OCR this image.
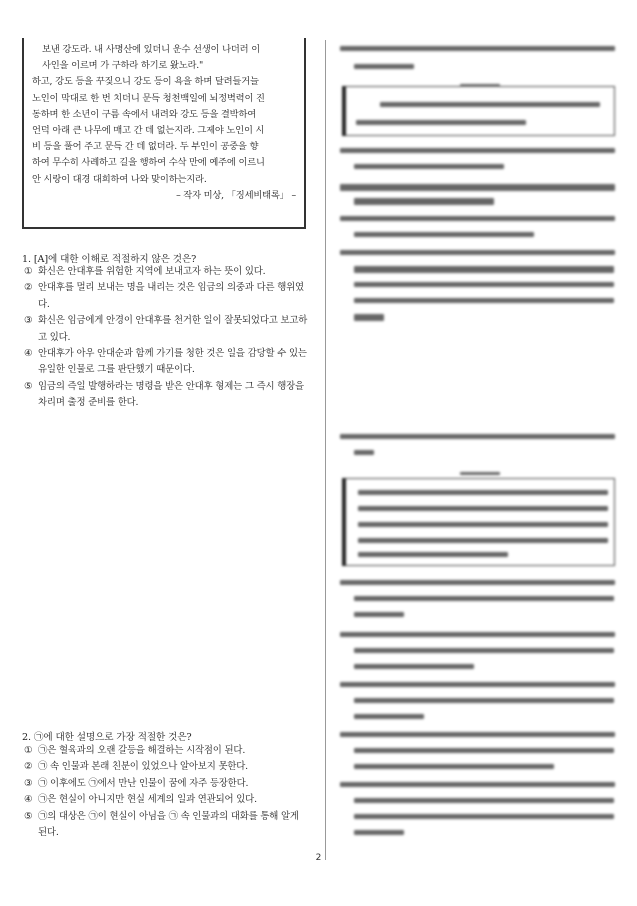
보낸 강도라. 내 사명산에 있더니 운수 선생이 나더러 이

사인을 이르며 가 구하라 하기로 왔노라."

하고, 강도 등을 꾸짖으니 강도 등이 욕을 하며 달려들거늘

노인이 막대로 한 번 치더니 문득 청천백일에 뇌정벽력이 진

동하며 한 소년이 구름 속에서 내려와 강도 등을 결박하여

언덕 아래 큰 나무에 매고 간 데 없는지라. 그제야 노인이 시

비 등을 풀어 주고 문득 간 데 없더라. 두 부인이 공중을 향

하여 무수히 사례하고 길을 행하여 수삭 만에 예주에 이르니

안 시랑이 대경 대희하여 나와 맞이하는지라.

– 작자 미상, 「징세비태록」 –

1. [A]에 대한 이해로 적절하지 않은 것은?
① 화신은 안대후를 위험한 지역에 보내고자 하는 뜻이 있다.
② 안대후를 멀리 보내는 명을 내리는 것은 임금의 의중과 다른 행위였다.
③ 화신은 임금에게 안경이 안대후를 천거한 일이 잘못되었다고 보고하고 있다.
④ 안대후가 아우 안대순과 함께 가기를 청한 것은 일을 감당할 수 있는 유일한 인물로 그를 판단했기 때문이다.
⑤ 임금의 즉일 발행하라는 명령을 받은 안대후 형제는 그 즉시 행장을 차리며 출정 준비를 한다.
2. ㉠에 대한 설명으로 가장 적절한 것은?
① ㉠은 혈육과의 오랜 갈등을 해결하는 시작점이 된다.
② ㉠ 속 인물과 본래 친분이 있었으나 알아보지 못한다.
③ ㉠ 이후에도 ㉠에서 만난 인물이 꿈에 자주 등장한다.
④ ㉠은 현실이 아니지만 현실 세계의 일과 연관되어 있다.
⑤ ㉠의 대상은 ㉠이 현실이 아님을 ㉠ 속 인물과의 대화를 통해 알게 된다.
2
